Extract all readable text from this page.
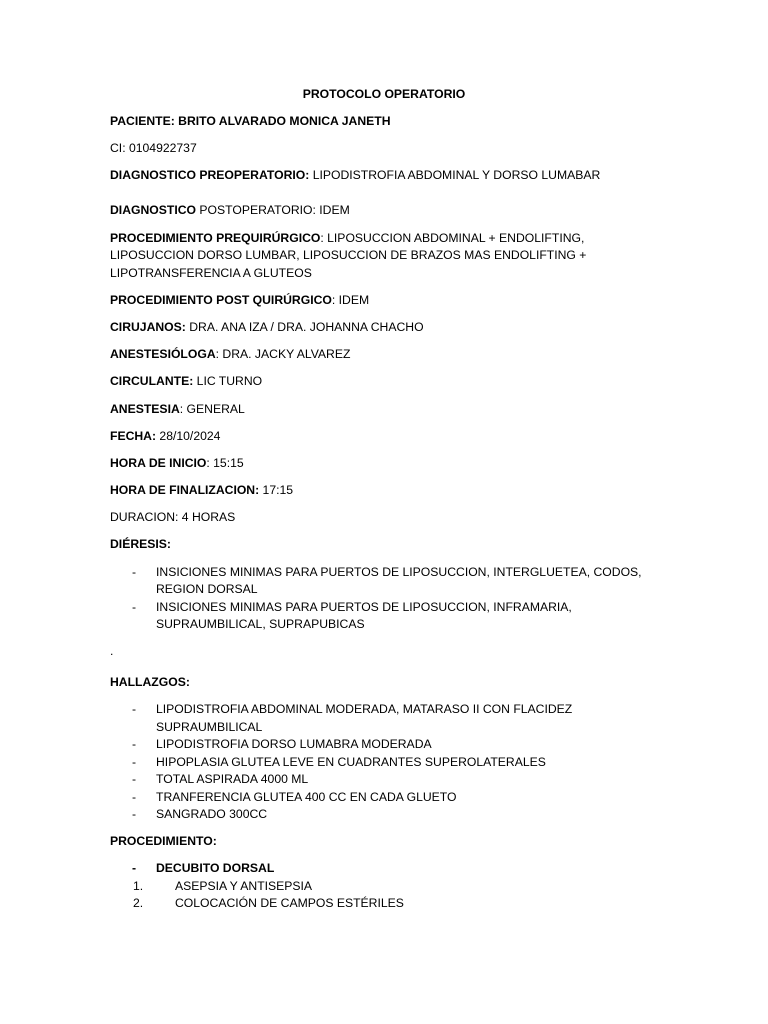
PROTOCOLO OPERATORIO
PACIENTE: BRITO ALVARADO MONICA JANETH
CI: 0104922737
DIAGNOSTICO PREOPERATORIO: LIPODISTROFIA ABDOMINAL Y DORSO LUMABAR
DIAGNOSTICO POSTOPERATORIO: IDEM
PROCEDIMIENTO PREQUIRÚRGICO: LIPOSUCCION ABDOMINAL + ENDOLIFTING, LIPOSUCCION DORSO LUMBAR, LIPOSUCCION DE BRAZOS MAS ENDOLIFTING + LIPOTRANSFERENCIA A GLUTEOS
PROCEDIMIENTO POST QUIRÚRGICO: IDEM
CIRUJANOS: DRA. ANA IZA / DRA. JOHANNA CHACHO
ANESTESIÓLOGA: DRA. JACKY ALVAREZ
CIRCULANTE: LIC TURNO
ANESTESIA: GENERAL
FECHA: 28/10/2024
HORA DE INICIO: 15:15
HORA DE FINALIZACION: 17:15
DURACION: 4 HORAS
DIÉRESIS:
- INSICIONES MINIMAS PARA PUERTOS DE LIPOSUCCION, INTERGLUETEA, CODOS, REGION DORSAL
- INSICIONES MINIMAS PARA PUERTOS DE LIPOSUCCION, INFRAMARIA, SUPRAUMBILICAL, SUPRAPUBICAS
.
HALLAZGOS:
- LIPODISTROFIA ABDOMINAL MODERADA, MATARASO II CON FLACIDEZ SUPRAUMBILICAL
- LIPODISTROFIA DORSO LUMABRA MODERADA
- HIPOPLASIA GLUTEA LEVE EN CUADRANTES SUPEROLATERALES
- TOTAL ASPIRADA 4000 ML
- TRANFERENCIA GLUTEA 400 CC EN CADA GLUETO
- SANGRADO 300CC
PROCEDIMIENTO:
- DECUBITO DORSAL
1.	ASEPSIA Y ANTISEPSIA
2.	COLOCACIÓN DE CAMPOS ESTÉRILES
